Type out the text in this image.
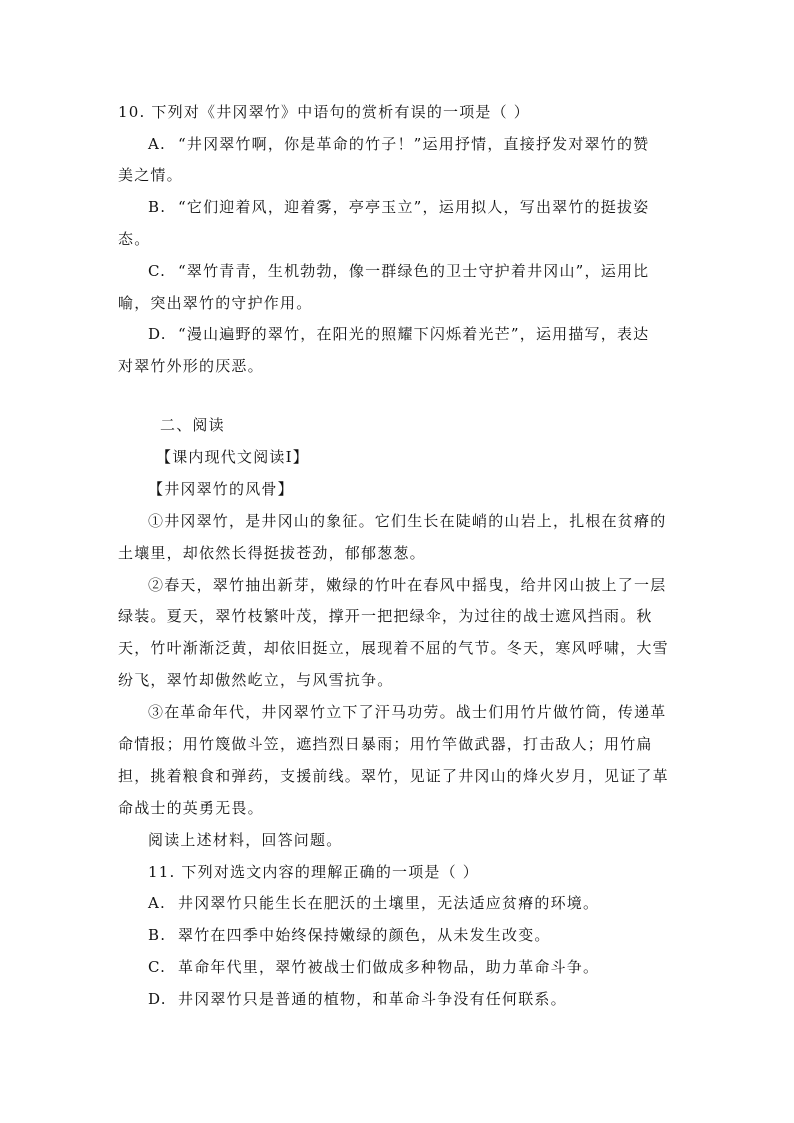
10. 下列对《井冈翠竹》中语句的赏析有误的一项是（ ）
A. “井冈翠竹啊，你是革命的竹子！”运用抒情，直接抒发对翠竹的赞
美之情。
B. “它们迎着风，迎着雾，亭亭玉立”，运用拟人，写出翠竹的挺拔姿
态。
C. “翠竹青青，生机勃勃，像一群绿色的卫士守护着井冈山”，运用比
喻，突出翠竹的守护作用。
D. “漫山遍野的翠竹，在阳光的照耀下闪烁着光芒”，运用描写，表达
对翠竹外形的厌恶。
二、阅读
【课内现代文阅读Ⅰ】
【井冈翠竹的风骨】
①井冈翠竹，是井冈山的象征。它们生长在陡峭的山岩上，扎根在贫瘠的
土壤里，却依然长得挺拔苍劲，郁郁葱葱。
②春天，翠竹抽出新芽，嫩绿的竹叶在春风中摇曳，给井冈山披上了一层
绿装。夏天，翠竹枝繁叶茂，撑开一把把绿伞，为过往的战士遮风挡雨。秋
天，竹叶渐渐泛黄，却依旧挺立，展现着不屈的气节。冬天，寒风呼啸，大雪
纷飞，翠竹却傲然屹立，与风雪抗争。
③在革命年代，井冈翠竹立下了汗马功劳。战士们用竹片做竹筒，传递革
命情报；用竹篾做斗笠，遮挡烈日暴雨；用竹竿做武器，打击敌人；用竹扁
担，挑着粮食和弹药，支援前线。翠竹，见证了井冈山的烽火岁月，见证了革
命战士的英勇无畏。
阅读上述材料，回答问题。
11. 下列对选文内容的理解正确的一项是（ ）
A. 井冈翠竹只能生长在肥沃的土壤里，无法适应贫瘠的环境。
B. 翠竹在四季中始终保持嫩绿的颜色，从未发生改变。
C. 革命年代里，翠竹被战士们做成多种物品，助力革命斗争。
D. 井冈翠竹只是普通的植物，和革命斗争没有任何联系。
